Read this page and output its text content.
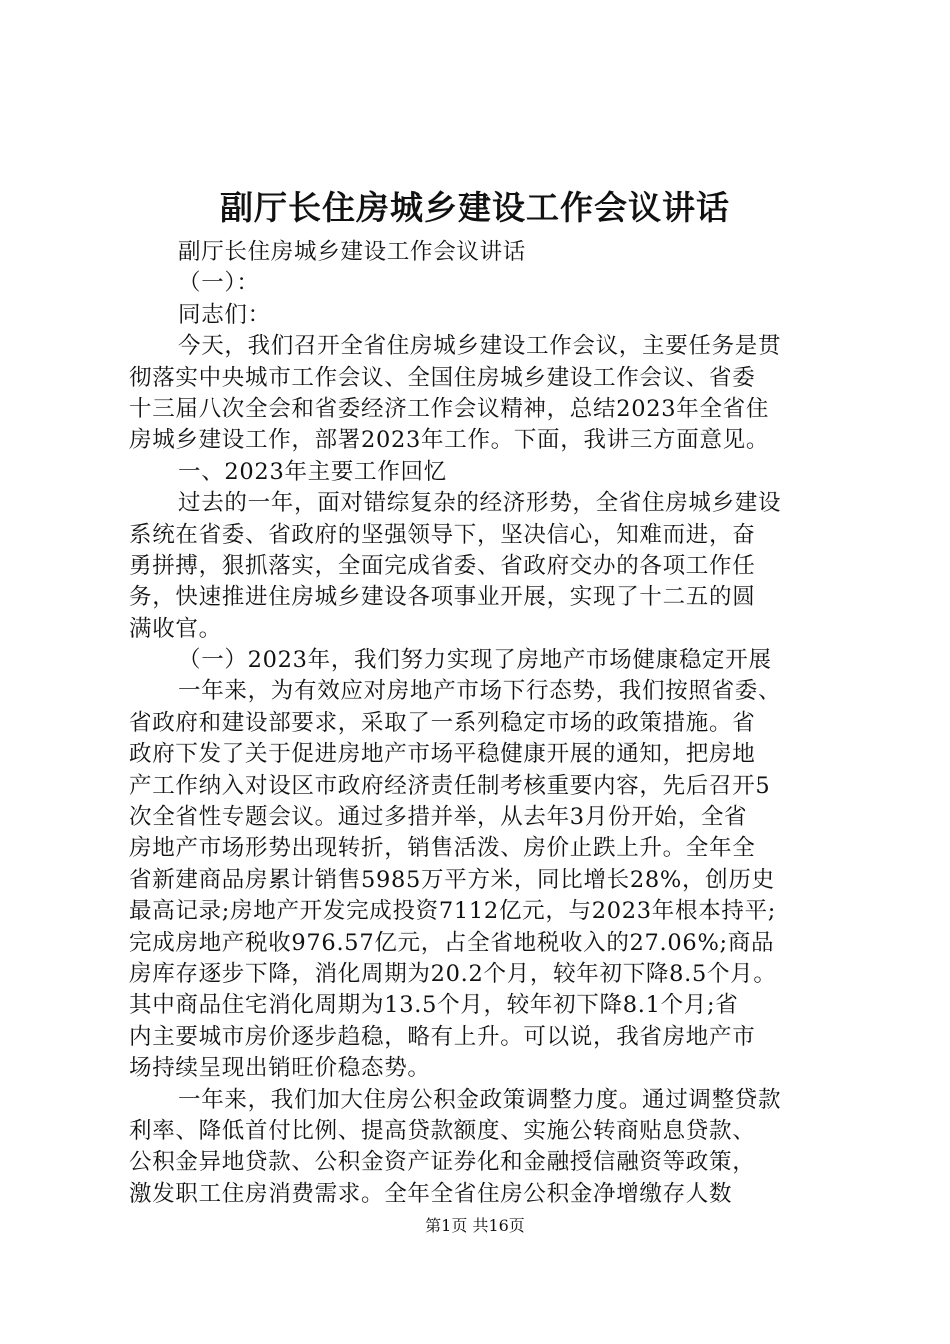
副厅长住房城乡建设工作会议讲话
副厅长住房城乡建设工作会议讲话
（一）：
同志们：
今天，我们召开全省住房城乡建设工作会议，主要任务是贯
彻落实中央城市工作会议、全国住房城乡建设工作会议、省委
十三届八次全会和省委经济工作会议精神，总结2023年全省住
房城乡建设工作，部署2023年工作。下面，我讲三方面意见。
一、2023年主要工作回忆
过去的一年，面对错综复杂的经济形势，全省住房城乡建设
系统在省委、省政府的坚强领导下，坚决信心，知难而进，奋
勇拼搏，狠抓落实，全面完成省委、省政府交办的各项工作任
务，快速推进住房城乡建设各项事业开展，实现了十二五的圆
满收官。
（一）2023年，我们努力实现了房地产市场健康稳定开展
一年来，为有效应对房地产市场下行态势，我们按照省委、
省政府和建设部要求，采取了一系列稳定市场的政策措施。省
政府下发了关于促进房地产市场平稳健康开展的通知，把房地
产工作纳入对设区市政府经济责任制考核重要内容，先后召开5
次全省性专题会议。通过多措并举，从去年3月份开始，全省
房地产市场形势出现转折，销售活泼、房价止跌上升。全年全
省新建商品房累计销售5985万平方米，同比增长28%，创历史
最高记录;房地产开发完成投资7112亿元，与2023年根本持平;
完成房地产税收976.57亿元，占全省地税收入的27.06%;商品
房库存逐步下降，消化周期为20.2个月，较年初下降8.5个月。
其中商品住宅消化周期为13.5个月，较年初下降8.1个月;省
内主要城市房价逐步趋稳，略有上升。可以说，我省房地产市
场持续呈现出销旺价稳态势。
一年来，我们加大住房公积金政策调整力度。通过调整贷款
利率、降低首付比例、提高贷款额度、实施公转商贴息贷款、
公积金异地贷款、公积金资产证券化和金融授信融资等政策，
激发职工住房消费需求。全年全省住房公积金净增缴存人数
第1页 共16页
